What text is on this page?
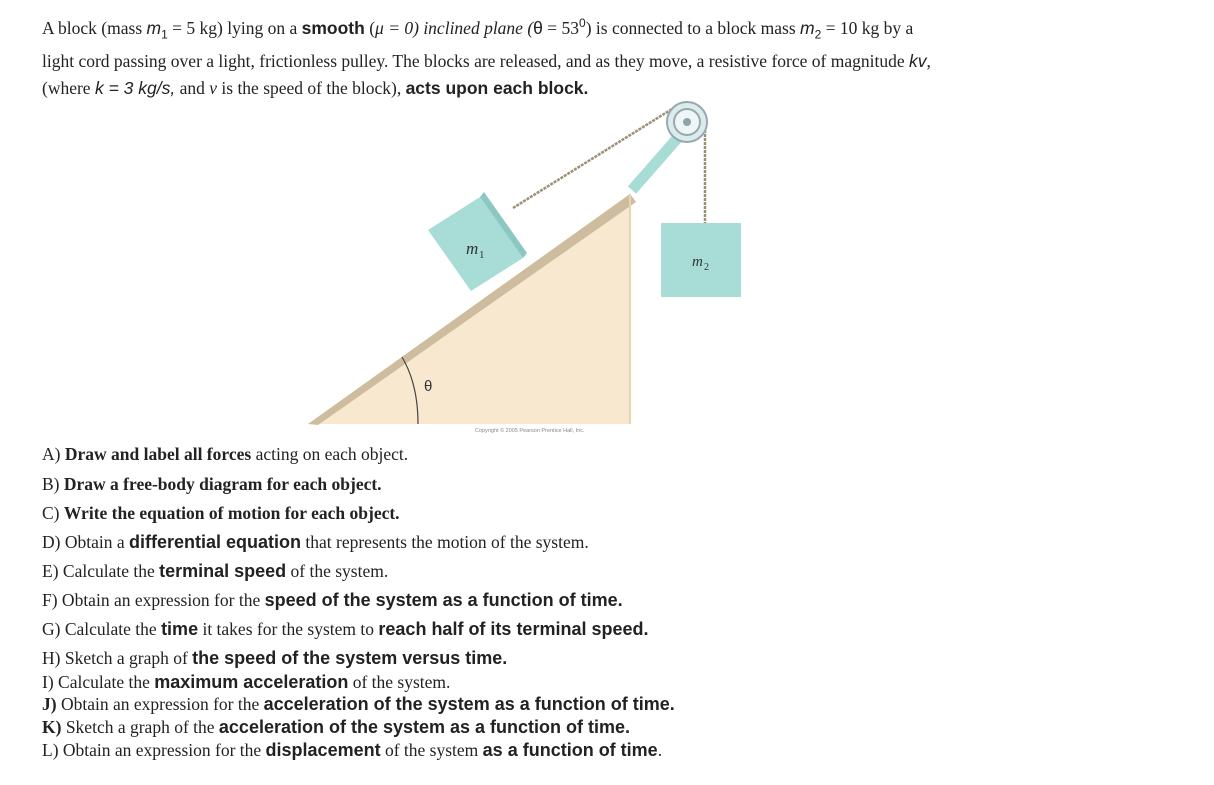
A block (mass $m_1 = 5$ kg) lying on a smooth (μ = 0) inclined plane $(\theta = 53^0)$ is connected to a block mass $m_2 = 10$ kg by a
light cord passing over a light, frictionless pulley. The blocks are released, and as they move, a resistive force of magnitude kv,
(where k = 3 kg/s, and v is the speed of the block), acts upon each block.
m 1	m 2
θ
Copyright © 2005 Pearson Prentice Hall, Inc.
A) Draw and label all forces acting on each object.
B) Draw a free-body diagram for each object.
C) Write the equation of motion for each object.
D) Obtain a differential equation that represents the motion of the system.
E) Calculate the terminal speed of the system.
F) Obtain an expression for the speed of the system as a function of time.
G) Calculate the time it takes for the system to reach half of its terminal speed.
H) Sketch a graph of the speed of the system versus time.
I) Calculate the maximum acceleration of the system.
J) Obtain an expression for the acceleration of the system as a function of time.
K) Sketch a graph of the acceleration of the system as a function of time.
L) Obtain an expression for the displacement of the system as a function of time.
